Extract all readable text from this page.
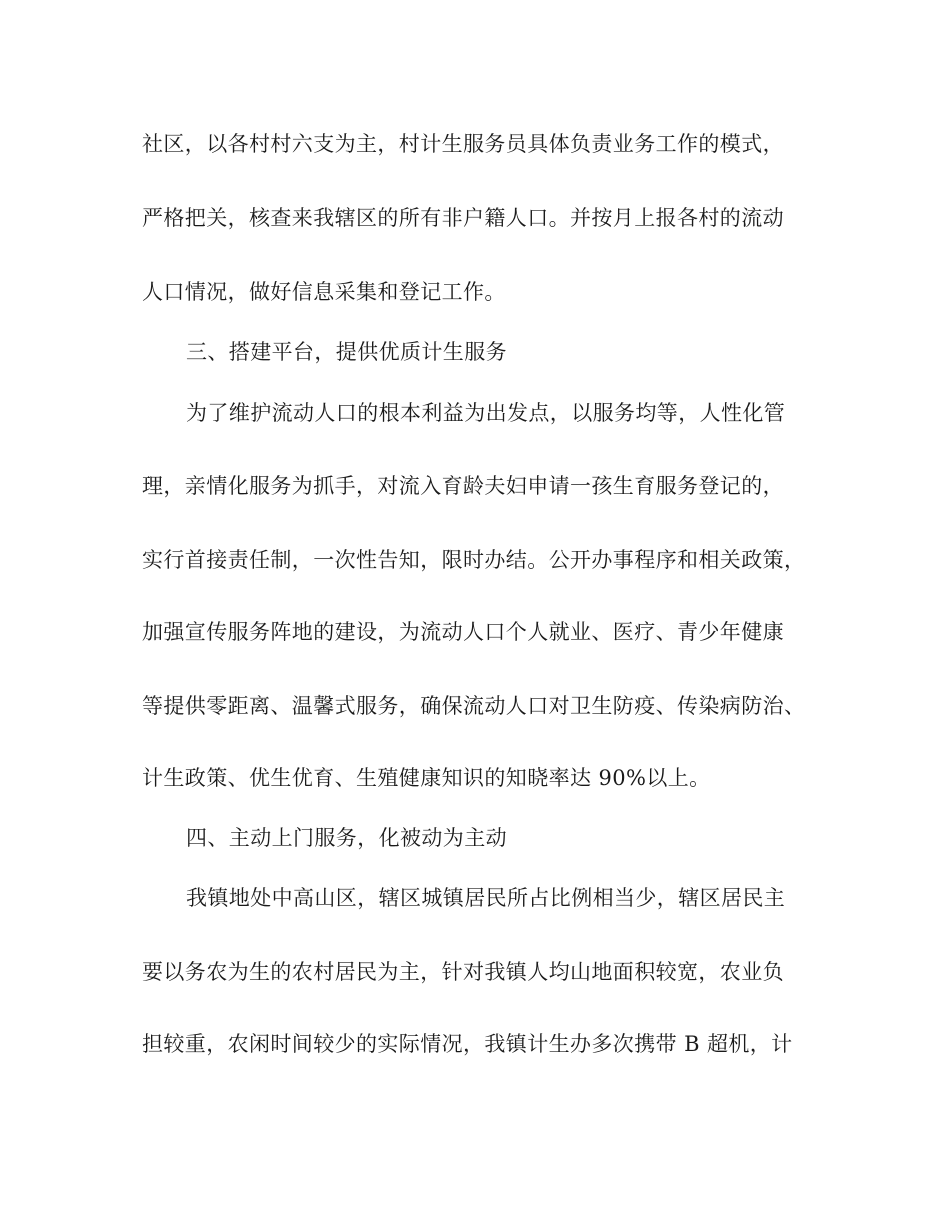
社区，以各村村六支为主，村计生服务员具体负责业务工作的模式，

严格把关，核查来我辖区的所有非户籍人口。并按月上报各村的流动

人口情况，做好信息采集和登记工作。

三、搭建平台，提供优质计生服务

为了维护流动人口的根本利益为出发点，以服务均等，人性化管

理，亲情化服务为抓手，对流入育龄夫妇申请一孩生育服务登记的，

实行首接责任制，一次性告知，限时办结。公开办事程序和相关政策，

加强宣传服务阵地的建设，为流动人口个人就业、医疗、青少年健康

等提供零距离、温馨式服务，确保流动人口对卫生防疫、传染病防治、

计生政策、优生优育、生殖健康知识的知晓率达 90%以上。

四、主动上门服务，化被动为主动

我镇地处中高山区，辖区城镇居民所占比例相当少，辖区居民主

要以务农为生的农村居民为主，针对我镇人均山地面积较宽，农业负

担较重，农闲时间较少的实际情况，我镇计生办多次携带 B 超机，计
